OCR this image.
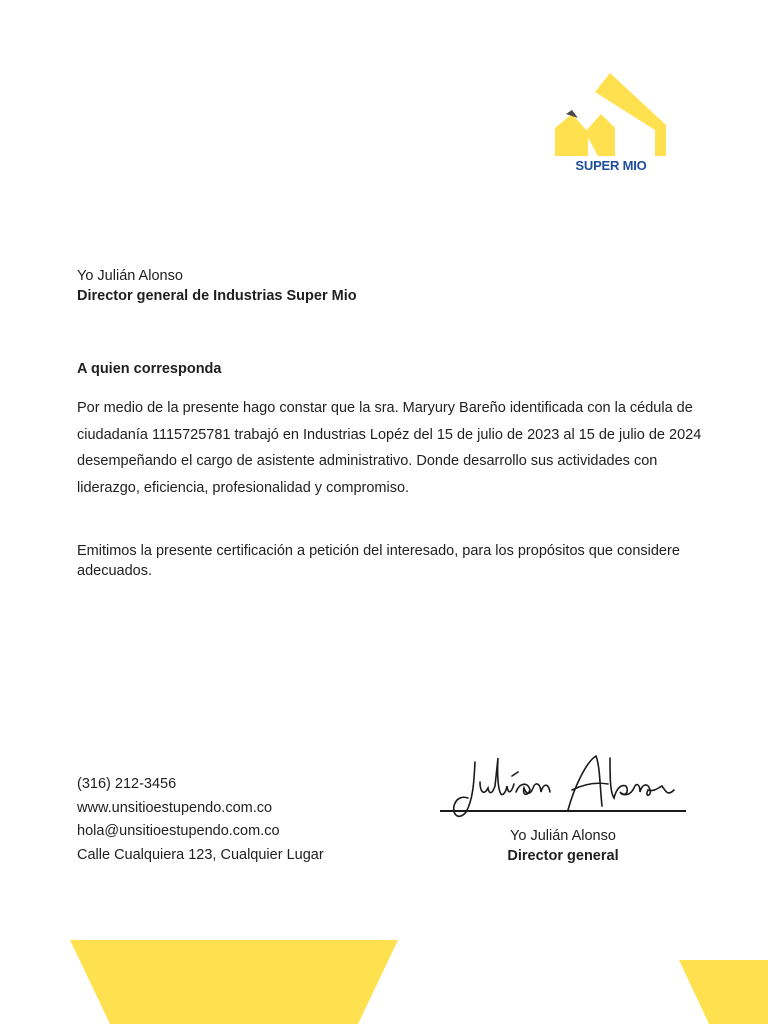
SUPER MIO
Yo Julián Alonso
Director general de Industrias Super Mio
A quien corresponda

Por medio de la presente hago constar que la sra. Maryury Bareño identificada con la cédula de ciudadanía 1115725781 trabajó en Industrias Lopéz del 15 de julio de 2023 al 15 de julio de 2024 desempeñando el cargo de asistente administrativo. Donde desarrollo sus actividades con liderazgo, eficiencia, profesionalidad y compromiso.

Emitimos la presente certificación a petición del interesado, para los propósitos que considere adecuados.

(316) 212-3456
www.unsitioestupendo.com.co
hola@unsitioestupendo.com.co
Calle Cualquiera 123, Cualquier Lugar
Yo Julián Alonso
Director general
